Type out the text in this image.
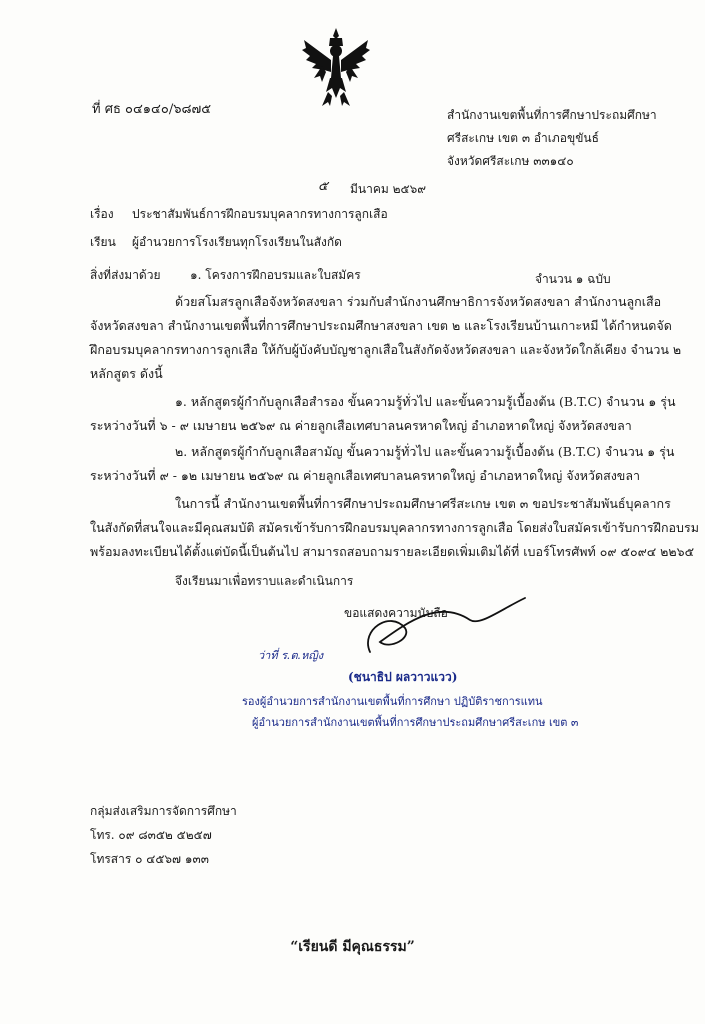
ที่ ศธ ๐๔๑๔๐/๖๘๗๕	สำนักงานเขตพื้นที่การศึกษาประถมศึกษา
ศรีสะเกษ เขต ๓ อำเภอขุขันธ์
จังหวัดศรีสะเกษ ๓๓๑๔๐
๕ มีนาคม ๒๕๖๙
เรื่อง ประชาสัมพันธ์การฝึกอบรมบุคลากรทางการลูกเสือ
เรียน ผู้อำนวยการโรงเรียนทุกโรงเรียนในสังกัด
สิ่งที่ส่งมาด้วย ๑. โครงการฝึกอบรมและใบสมัคร	จำนวน ๑ ฉบับ
ด้วยสโมสรลูกเสือจังหวัดสงขลา ร่วมกับสำนักงานศึกษาธิการจังหวัดสงขลา สำนักงานลูกเสือ
จังหวัดสงขลา สำนักงานเขตพื้นที่การศึกษาประถมศึกษาสงขลา เขต ๒ และโรงเรียนบ้านเกาะหมี ได้กำหนดจัด
ฝึกอบรมบุคลากรทางการลูกเสือ ให้กับผู้บังคับบัญชาลูกเสือในสังกัดจังหวัดสงขลา และจังหวัดใกล้เคียง จำนวน ๒
หลักสูตร ดังนี้
๑. หลักสูตรผู้กำกับลูกเสือสำรอง ขั้นความรู้ทั่วไป และขั้นความรู้เบื้องต้น (B.T.C) จำนวน ๑ รุ่น
ระหว่างวันที่ ๖ - ๙ เมษายน ๒๕๖๙ ณ ค่ายลูกเสือเทศบาลนครหาดใหญ่ อำเภอหาดใหญ่ จังหวัดสงขลา
๒. หลักสูตรผู้กำกับลูกเสือสามัญ ขั้นความรู้ทั่วไป และขั้นความรู้เบื้องต้น (B.T.C) จำนวน ๑ รุ่น
ระหว่างวันที่ ๙ - ๑๒ เมษายน ๒๕๖๙ ณ ค่ายลูกเสือเทศบาลนครหาดใหญ่ อำเภอหาดใหญ่ จังหวัดสงขลา
ในการนี้ สำนักงานเขตพื้นที่การศึกษาประถมศึกษาศรีสะเกษ เขต ๓ ขอประชาสัมพันธ์บุคลากร
ในสังกัดที่สนใจและมีคุณสมบัติ สมัครเข้ารับการฝึกอบรมบุคลากรทางการลูกเสือ โดยส่งใบสมัครเข้ารับการฝึกอบรม
พร้อมลงทะเบียนได้ตั้งแต่บัดนี้เป็นต้นไป สามารถสอบถามรายละเอียดเพิ่มเติมได้ที่ เบอร์โทรศัพท์ ๐๙ ๕๐๙๔ ๒๒๖๕
จึงเรียนมาเพื่อทราบและดำเนินการ
ขอแสดงความนับถือ
ว่าที่ ร.ต.หญิง
(ชนาธิป ผลวาวแวว)
รองผู้อำนวยการสำนักงานเขตพื้นที่การศึกษา ปฏิบัติราชการแทน
ผู้อำนวยการสำนักงานเขตพื้นที่การศึกษาประถมศึกษาศรีสะเกษ เขต ๓
กลุ่มส่งเสริมการจัดการศึกษา
โทร. ๐๙ ๘๓๕๒ ๕๒๕๗
โทรสาร ๐ ๔๕๖๗ ๑๓๓
“เรียนดี มีคุณธรรม”
